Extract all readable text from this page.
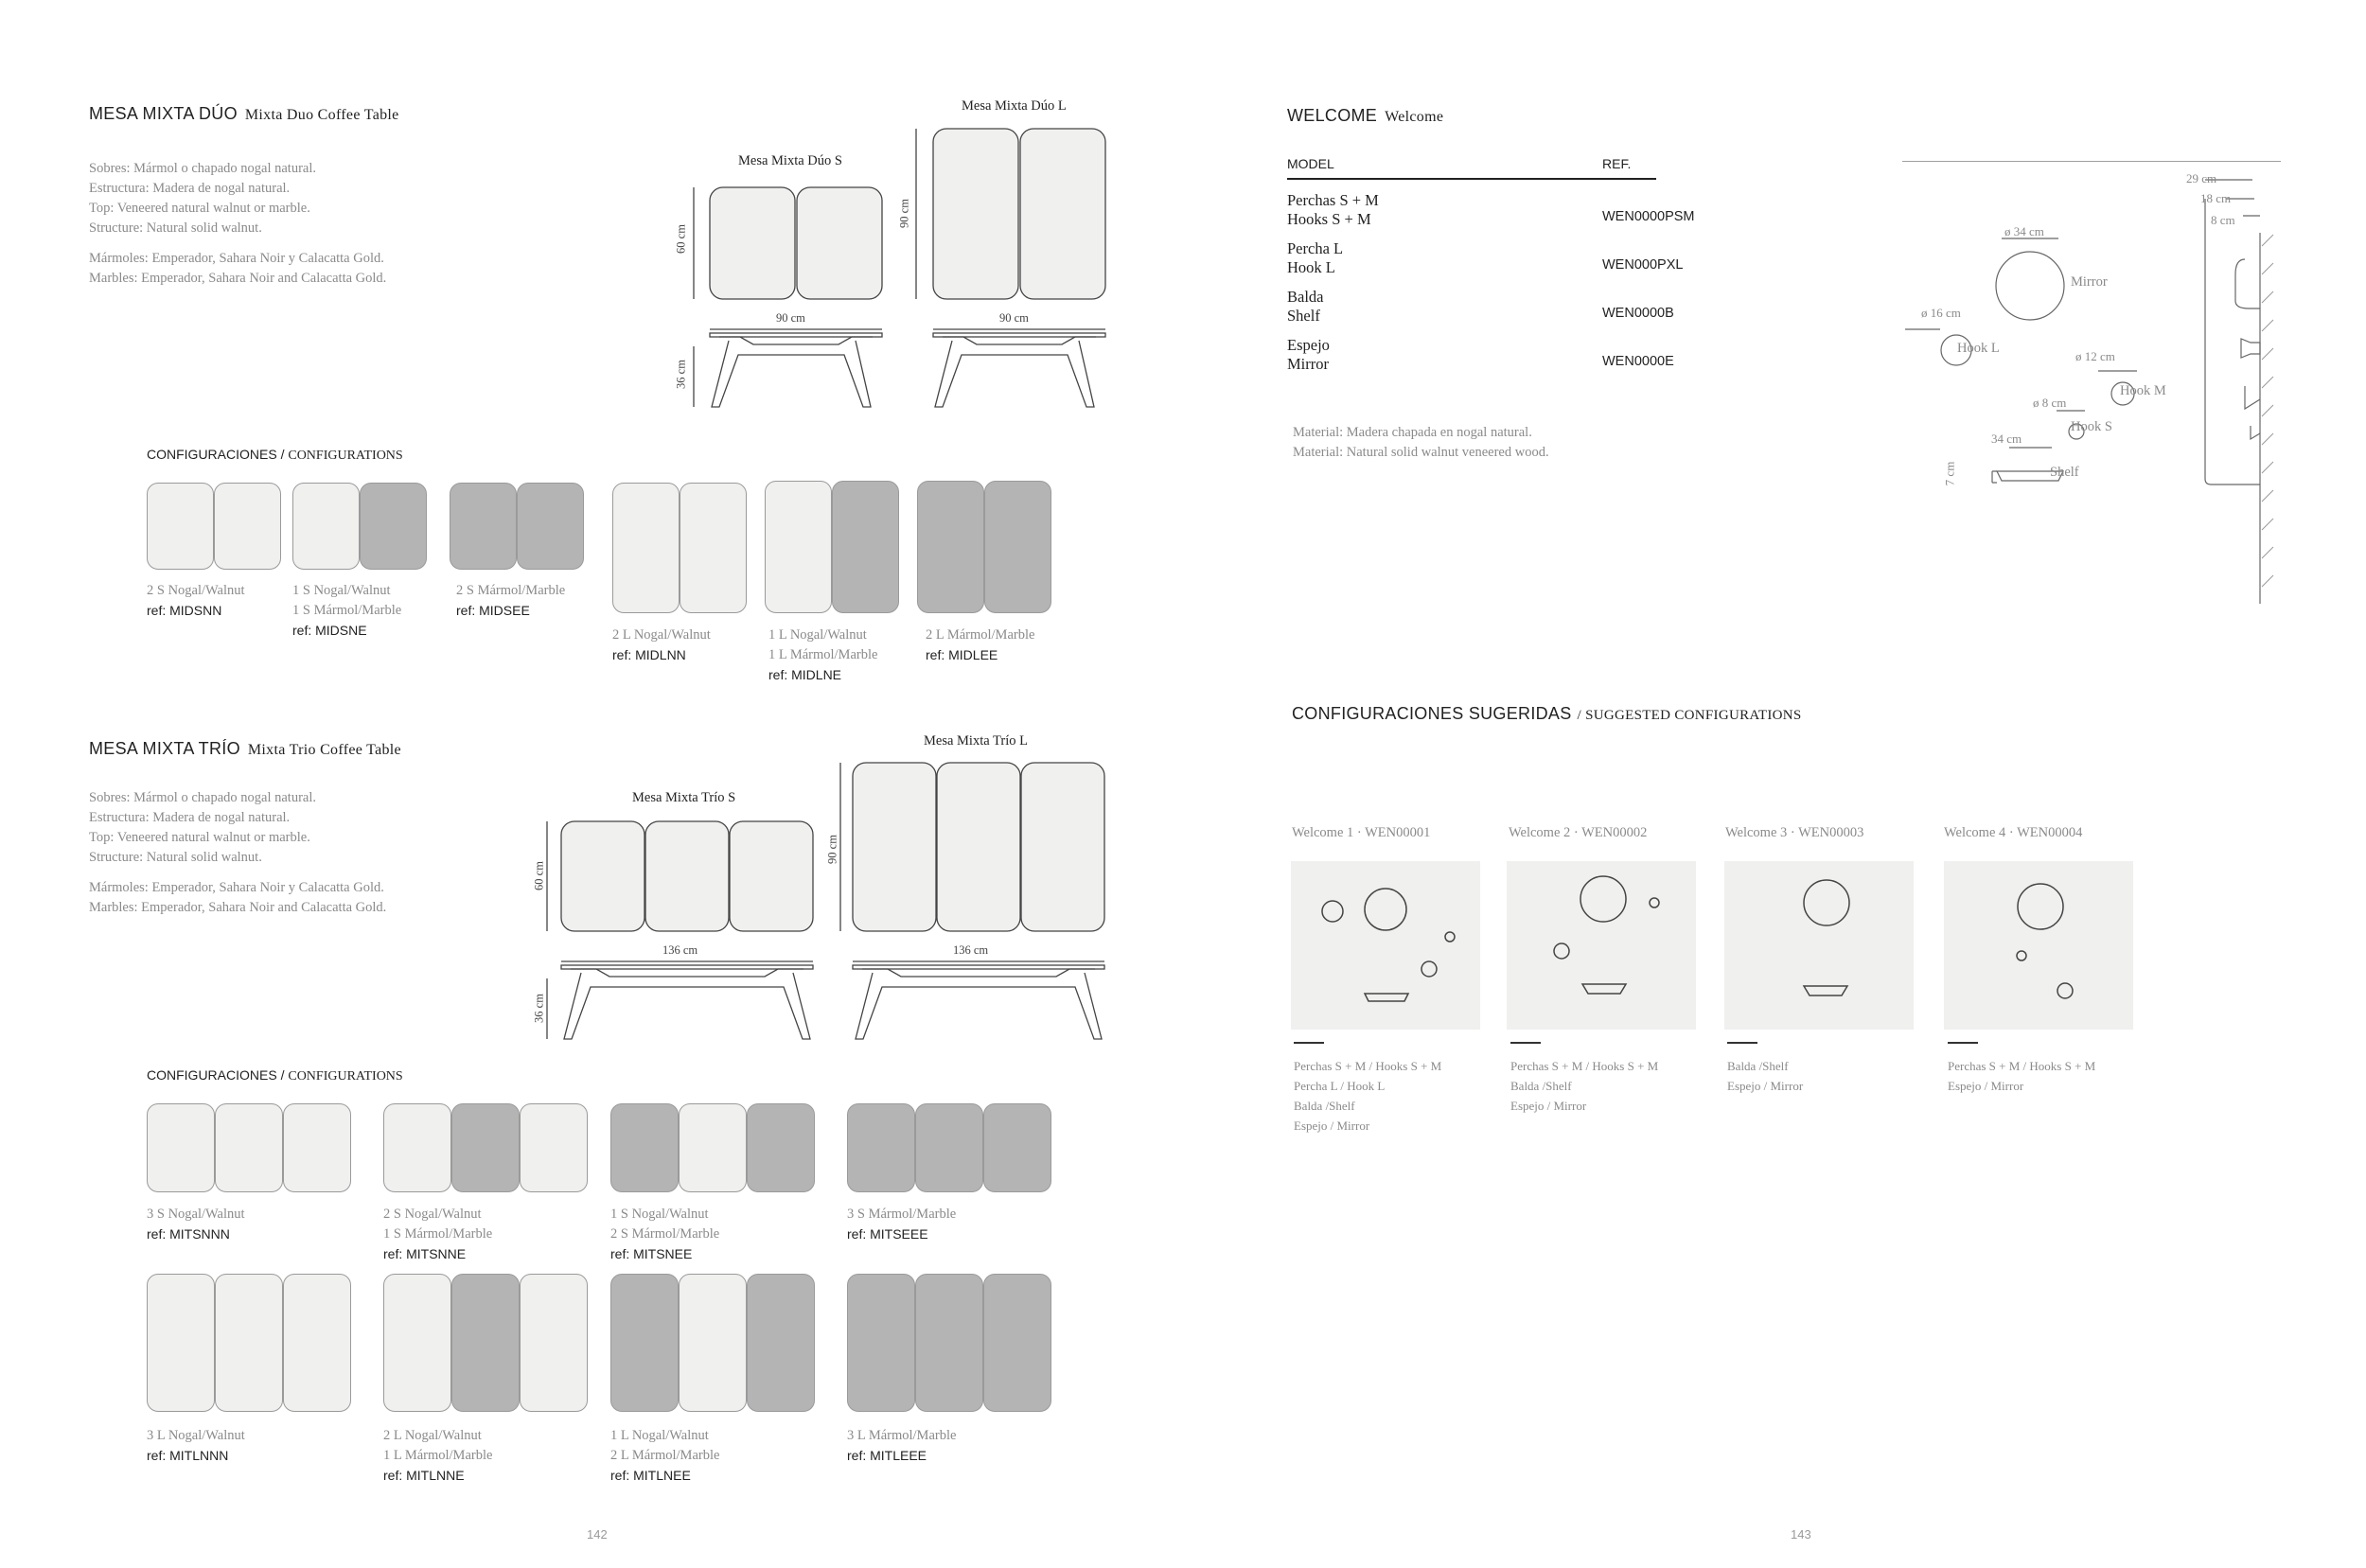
MESA MIXTA DÚO Mixta Duo Coffee Table

Sobres: Mármol o chapado nogal natural.

Estructura: Madera de nogal natural.

Top: Veneered natural walnut or marble.

Structure: Natural solid walnut.

Mármoles: Emperador, Sahara Noir y Calacatta Gold.

Marbles: Emperador, Sahara Noir and Calacatta Gold.

Mesa Mixta Dúo S
Mesa Mixta Dúo L
60 cm
90 cm
90 cm	90 cm
36 cm
CONFIGURACIONES / CONFIGURATIONS
2 S Nogal/Walnut
ref: MIDSNN
1 S Nogal/Walnut
1 S Mármol/Marble
ref: MIDSNE
2 S Mármol/Marble
ref: MIDSEE
2 L Nogal/Walnut
ref: MIDLNN
1 L Nogal/Walnut
1 L Mármol/Marble
ref: MIDLNE
2 L Mármol/Marble
ref: MIDLEE
MESA MIXTA TRÍO Mixta Trio Coffee Table

Sobres: Mármol o chapado nogal natural.

Estructura: Madera de nogal natural.

Top: Veneered natural walnut or marble.

Structure: Natural solid walnut.

Mármoles: Emperador, Sahara Noir y Calacatta Gold.

Marbles: Emperador, Sahara Noir and Calacatta Gold.

Mesa Mixta Trío S
Mesa Mixta Trío L
60 cm
90 cm
136 cm	136 cm
36 cm
CONFIGURACIONES / CONFIGURATIONS
3 S Nogal/Walnut
ref: MITSNNN
2 S Nogal/Walnut
1 S Mármol/Marble
ref: MITSNNE
1 S Nogal/Walnut
2 S Mármol/Marble
ref: MITSNEE
3 S Mármol/Marble
ref: MITSEEE
3 L Nogal/Walnut
ref: MITLNNN
2 L Nogal/Walnut
1 L Mármol/Marble
ref: MITLNNE
1 L Nogal/Walnut
2 L Mármol/Marble
ref: MITLNEE
3 L Mármol/Marble
ref: MITLEEE
142
WELCOME Welcome
MODEL	REF.
Perchas S + M
Hooks S + M	WEN0000PSM
Percha L
Hook L	WEN000PXL
Balda
Shelf	WEN0000B
Espejo
Mirror	WEN0000E

Material: Madera chapada en nogal natural.

Material: Natural solid walnut veneered wood.

ø 34 cm
Mirror
ø 16 cm
Hook L
ø 12 cm
Hook M
ø 8 cm
Hook S
34 cm
7 cm	Shelf
29 cm
18 cm
8 cm
CONFIGURACIONES SUGERIDAS / SUGGESTED CONFIGURATIONS
Welcome 1 · WEN00001	Welcome 2 · WEN00002	Welcome 3 · WEN00003	Welcome 4 · WEN00004
Perchas S + M / Hooks S + M
Percha L / Hook L
Balda /Shelf
Espejo / Mirror
Perchas S + M / Hooks S + M
Balda /Shelf
Espejo / Mirror
Balda /Shelf
Espejo / Mirror
Perchas S + M / Hooks S + M
Espejo / Mirror
143
